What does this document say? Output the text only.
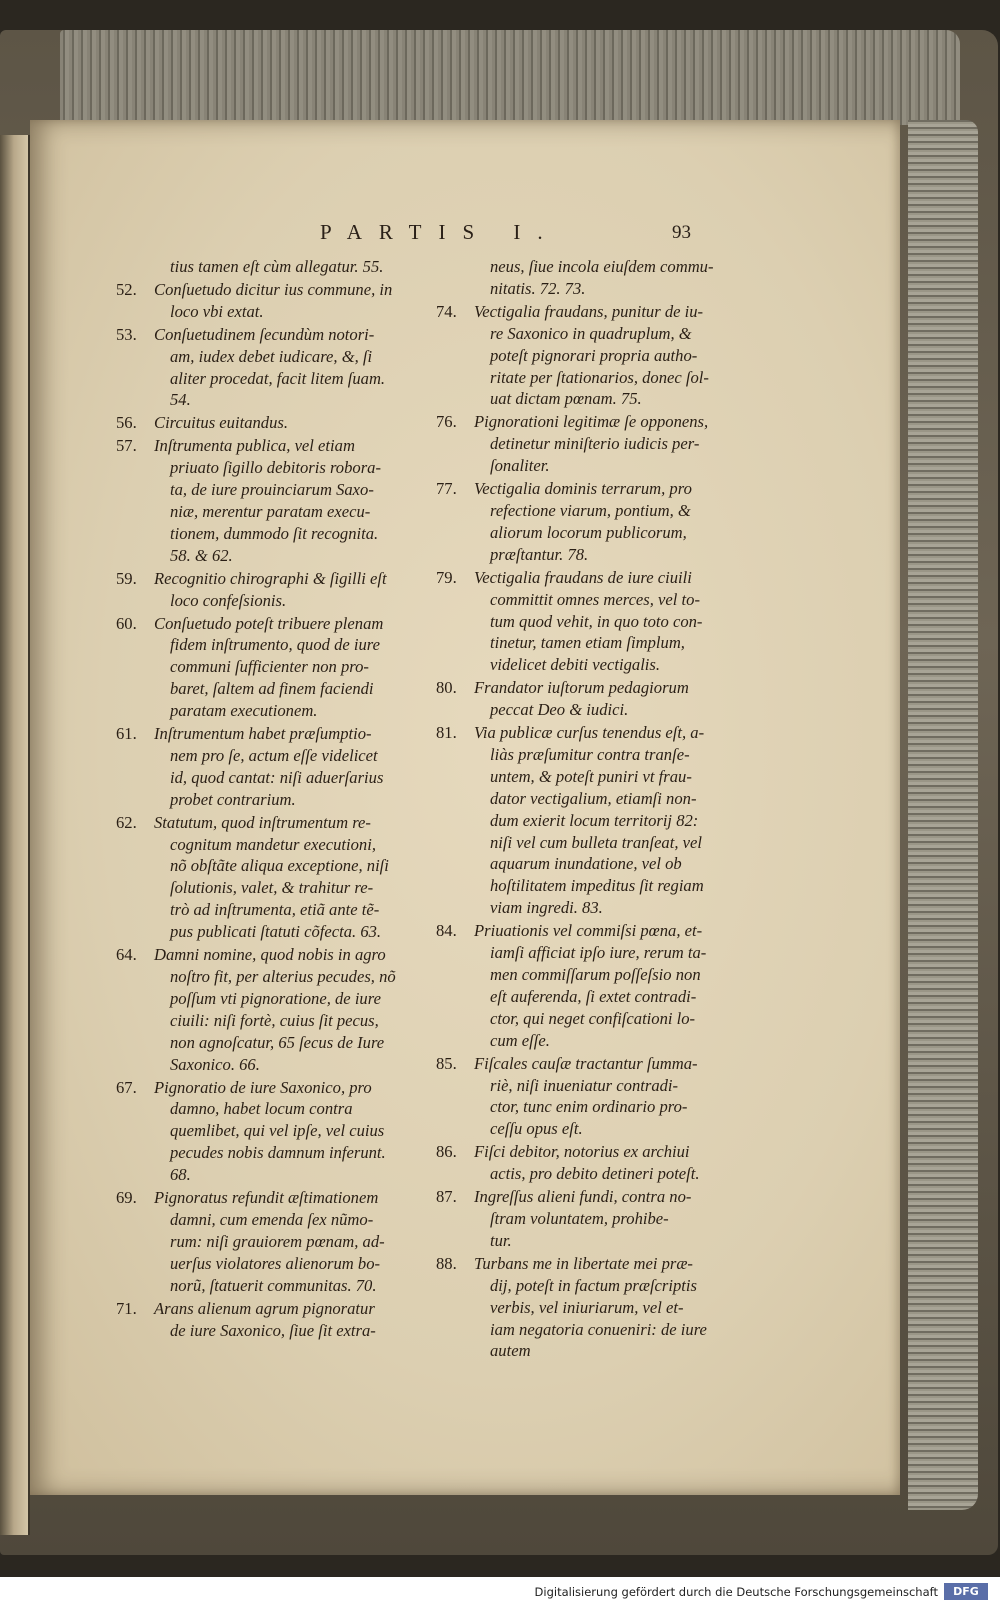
PARTIS I.	93
tius tamen eſt cùm allegatur. 55.
52. Conſuetudo dicitur ius commune, in
loco vbi extat.
53. Conſuetudinem ſecundùm notori-
am, iudex debet iudicare, &, ſi
aliter procedat, facit litem ſuam.
54.
56. Circuitus euitandus.
57. Inſtrumenta publica, vel etiam
priuato ſigillo debitoris robora-
ta, de iure prouinciarum Saxo-
niæ, merentur paratam execu-
tionem, dummodo ſit recognita.
58. & 62.
59. Recognitio chirographi & ſigilli eſt
loco confeſsionis.
60. Conſuetudo poteſt tribuere plenam
fidem inſtrumento, quod de iure
communi ſufficienter non pro-
baret, ſaltem ad finem faciendi
paratam executionem.
61. Inſtrumentum habet præſumptio-
nem pro ſe, actum eſſe videlicet
id, quod cantat: niſi aduerſarius
probet contrarium.
62. Statutum, quod inſtrumentum re-
cognitum mandetur executioni,
nõ obſtãte aliqua exceptione, niſi
ſolutionis, valet, & trahitur re-
trò ad inſtrumenta, etiã ante tẽ-
pus publicati ſtatuti cõfecta. 63.
64. Damni nomine, quod nobis in agro
noſtro fit, per alterius pecudes, nõ
poſſum vti pignoratione, de iure
ciuili: niſi fortè, cuius ſit pecus,
non agnoſcatur, 65 ſecus de Iure
Saxonico. 66.
67. Pignoratio de iure Saxonico, pro
damno, habet locum contra
quemlibet, qui vel ipſe, vel cuius
pecudes nobis damnum inferunt.
68.
69. Pignoratus refundit æſtimationem
damni, cum emenda ſex nũmo-
rum: niſi grauiorem pœnam, ad-
uerſus violatores alienorum bo-
norũ, ſtatuerit communitas. 70.
71. Arans alienum agrum pignoratur
de iure Saxonico, ſiue ſit extra-
neus, ſiue incola eiuſdem commu-
nitatis. 72. 73.
74. Vectigalia fraudans, punitur de iu-
re Saxonico in quadruplum, &
poteſt pignorari propria autho-
ritate per ſtationarios, donec ſol-
uat dictam pœnam. 75.
76. Pignorationi legitimæ ſe opponens,
detinetur miniſterio iudicis per-
ſonaliter.
77. Vectigalia dominis terrarum, pro
refectione viarum, pontium, &
aliorum locorum publicorum,
præſtantur. 78.
79. Vectigalia fraudans de iure ciuili
committit omnes merces, vel to-
tum quod vehit, in quo toto con-
tinetur, tamen etiam ſimplum,
videlicet debiti vectigalis.
80. Frandator iuſtorum pedagiorum
peccat Deo & iudici.
81. Via publicæ curſus tenendus eſt, a-
liàs præſumitur contra tranſe-
untem, & poteſt puniri vt frau-
dator vectigalium, etiamſi non-
dum exierit locum territorij 82:
niſi vel cum bulleta tranſeat, vel
aquarum inundatione, vel ob
hoſtilitatem impeditus ſit regiam
viam ingredi. 83.
84. Priuationis vel commiſsi pœna, et-
iamſi afficiat ipſo iure, rerum ta-
men commiſſarum poſſeſsio non
eſt auferenda, ſi extet contradi-
ctor, qui neget confiſcationi lo-
cum eſſe.
85. Fiſcales cauſæ tractantur ſumma-
riè, niſi inueniatur contradi-
ctor, tunc enim ordinario pro-
ceſſu opus eſt.
86. Fiſci debitor, notorius ex archiui
actis, pro debito detineri poteſt.
87. Ingreſſus alieni fundi, contra no-
ſtram voluntatem, prohibe-
tur.
88. Turbans me in libertate mei præ-
dij, poteſt in factum præſcriptis
verbis, vel iniuriarum, vel et-
iam negatoria conueniri: de iure
autem
Digitalisierung gefördert durch die Deutsche Forschungsgemeinschaft	DFG
